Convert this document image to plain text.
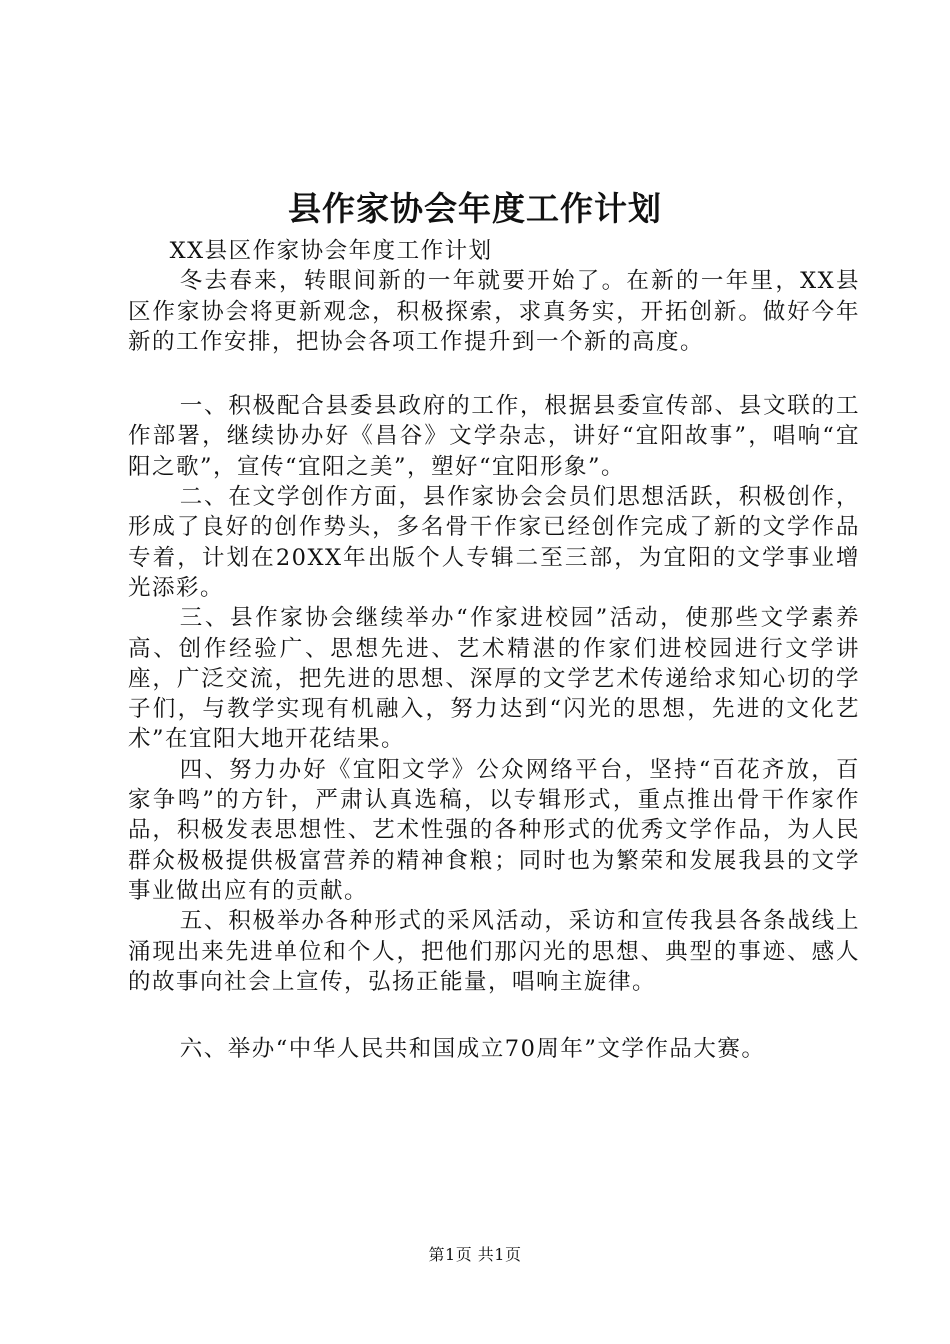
县作家协会年度工作计划

XX县区作家协会年度工作计划

冬去春来，转眼间新的一年就要开始了。在新的一年里，XX县区作家协会将更新观念，积极探索，求真务实，开拓创新。做好今年新的工作安排，把协会各项工作提升到一个新的高度。

一、积极配合县委县政府的工作，根据县委宣传部、县文联的工作部署，继续协办好《昌谷》文学杂志，讲好“宜阳故事”，唱响“宜阳之歌”，宣传“宜阳之美”，塑好“宜阳形象”。

二、在文学创作方面，县作家协会会员们思想活跃，积极创作，形成了良好的创作势头，多名骨干作家已经创作完成了新的文学作品专着，计划在20XX年出版个人专辑二至三部，为宜阳的文学事业增光添彩。

三、县作家协会继续举办“作家进校园”活动，使那些文学素养高、创作经验广、思想先进、艺术精湛的作家们进校园进行文学讲座，广泛交流，把先进的思想、深厚的文学艺术传递给求知心切的学子们，与教学实现有机融入，努力达到“闪光的思想，先进的文化艺术”在宜阳大地开花结果。

四、努力办好《宜阳文学》公众网络平台，坚持“百花齐放，百家争鸣”的方针，严肃认真选稿，以专辑形式，重点推出骨干作家作品，积极发表思想性、艺术性强的各种形式的优秀文学作品，为人民群众极极提供极富营养的精神食粮；同时也为繁荣和发展我县的文学事业做出应有的贡献。

五、积极举办各种形式的采风活动，采访和宣传我县各条战线上涌现出来先进单位和个人，把他们那闪光的思想、典型的事迹、感人的故事向社会上宣传，弘扬正能量，唱响主旋律。

六、举办“中华人民共和国成立70周年”文学作品大赛。

第1页 共1页
